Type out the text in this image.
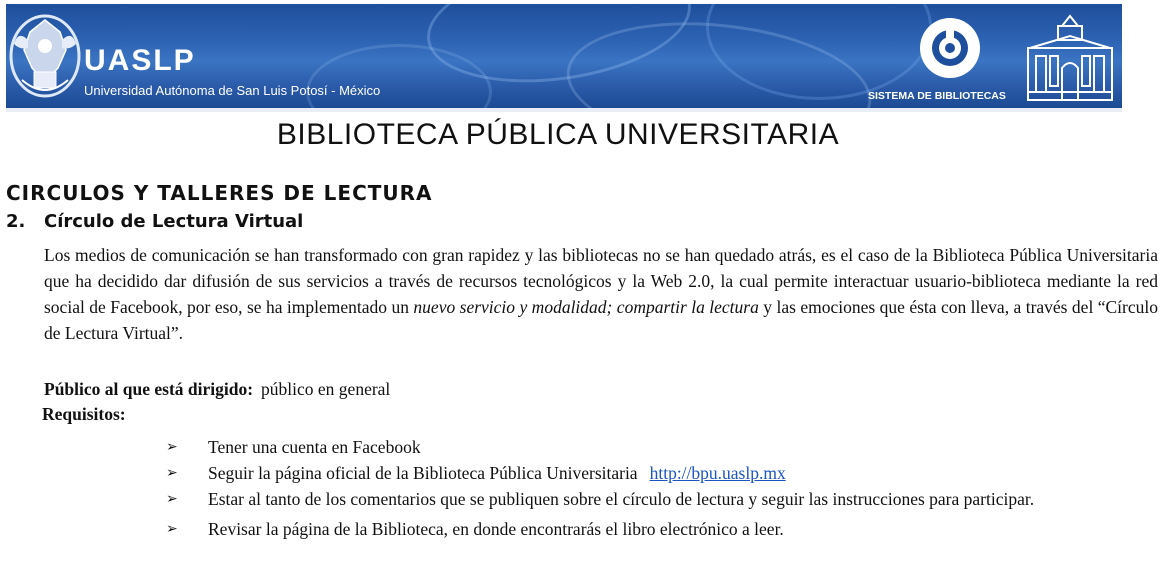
UASLP
Universidad Autónoma de San Luis Potosí - México	SISTEMA DE BIBLIOTECAS
BIBLIOTECA PÚBLICA UNIVERSITARIA
CIRCULOS Y TALLERES DE LECTURA
2. Círculo de Lectura Virtual
Los medios de comunicación se han transformado con gran rapidez y las bibliotecas no se han quedado atrás, es el caso de la Biblioteca Pública Universitaria que ha decidido dar difusión de sus servicios a través de recursos tecnológicos y la Web 2.0, la cual permite interactuar usuario-biblioteca mediante la red social de Facebook, por eso, se ha implementado un nuevo servicio y modalidad; compartir la lectura y las emociones que ésta con lleva, a través del “Círculo de Lectura Virtual”.
Público al que está dirigido: público en general
Requisitos:
➢ Tener una cuenta en Facebook
➢ Seguir la página oficial de la Biblioteca Pública Universitaria http://bpu.uaslp.mx
➢ Estar al tanto de los comentarios que se publiquen sobre el círculo de lectura y seguir las instrucciones para participar.
➢ Revisar la página de la Biblioteca, en donde encontrarás el libro electrónico a leer.
